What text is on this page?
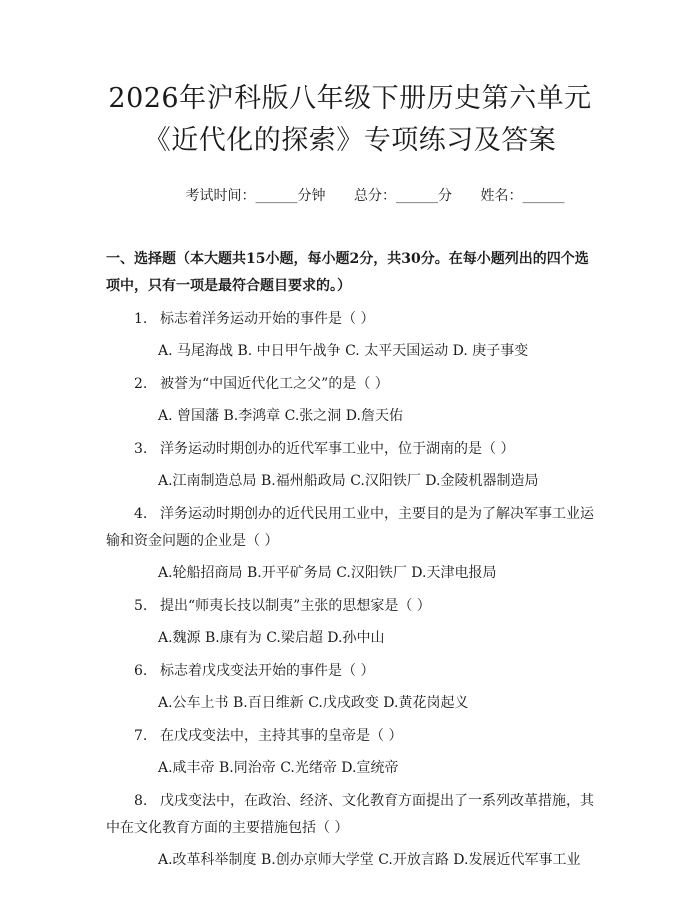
2026年沪科版八年级下册历史第六单元《近代化的探索》专项练习及答案
考试时间：______分钟 总分：______分 姓名：______
一、选择题（本大题共15小题，每小题2分，共30分。在每小题列出的四个选项中，只有一项是最符合题目要求的。）
1. 标志着洋务运动开始的事件是（ ）
A. 马尾海战 B. 中日甲午战争 C. 太平天国运动 D. 庚子事变
2. 被誉为“中国近代化工之父”的是（ ）
A. 曾国藩 B.李鸿章 C.张之洞 D.詹天佑
3. 洋务运动时期创办的近代军事工业中，位于湖南的是（ ）
A.江南制造总局 B.福州船政局 C.汉阳铁厂 D.金陵机器制造局
4. 洋务运动时期创办的近代民用工业中，主要目的是为了解决军事工业运输和资金问题的企业是（ ）
A.轮船招商局 B.开平矿务局 C.汉阳铁厂 D.天津电报局
5. 提出“师夷长技以制夷”主张的思想家是（ ）
A.魏源 B.康有为 C.梁启超 D.孙中山
6. 标志着戊戌变法开始的事件是（ ）
A.公车上书 B.百日维新 C.戊戌政变 D.黄花岗起义
7. 在戊戌变法中，主持其事的皇帝是（ ）
A.咸丰帝 B.同治帝 C.光绪帝 D.宣统帝
8. 戊戌变法中，在政治、经济、文化教育方面提出了一系列改革措施，其中在文化教育方面的主要措施包括（ ）
A.改革科举制度 B.创办京师大学堂 C.开放言路 D.发展近代军事工业
